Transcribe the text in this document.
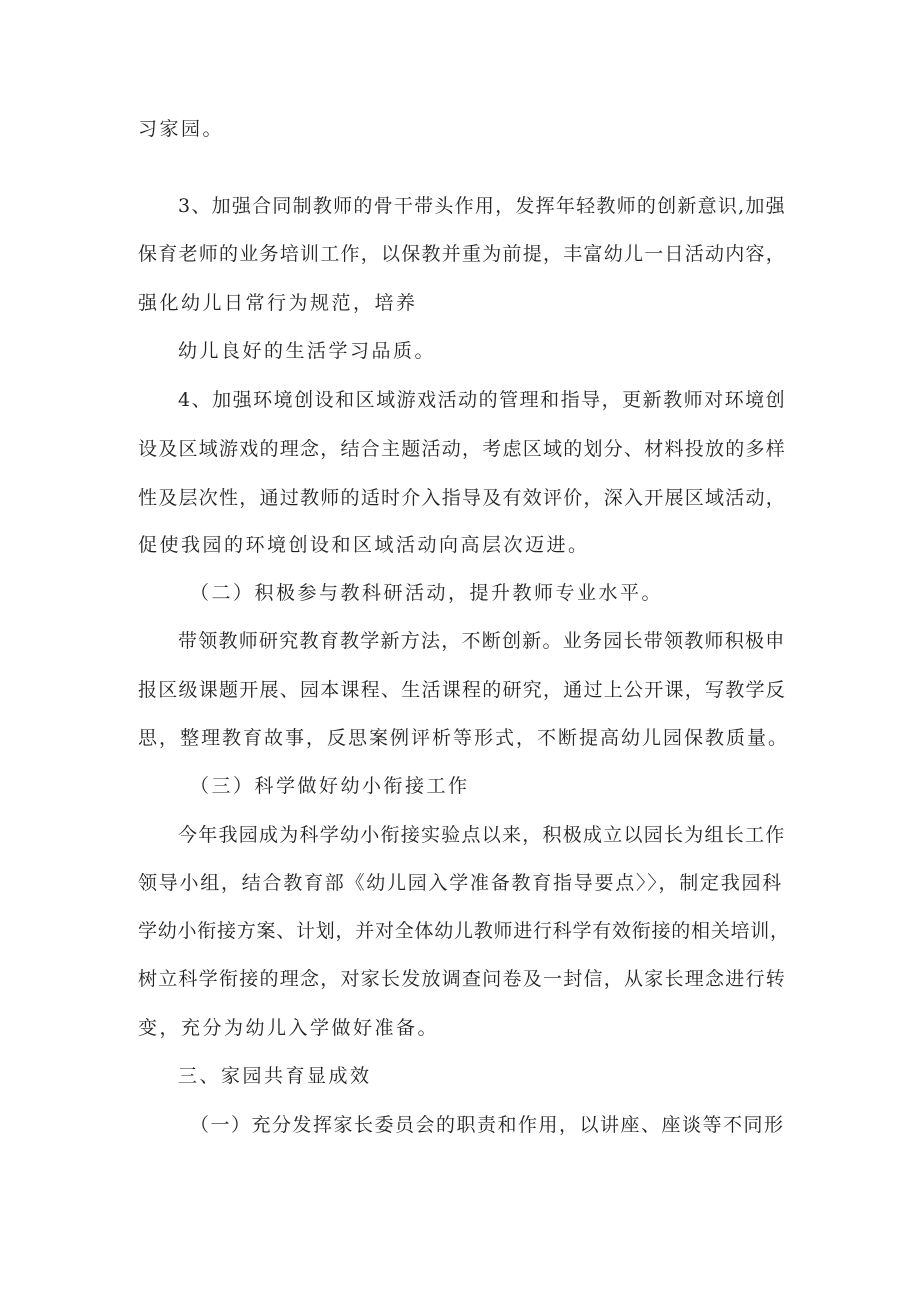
习家园。
3、加强合同制教师的骨干带头作用，发挥年轻教师的创新意识,加强
保育老师的业务培训工作，以保教并重为前提，丰富幼儿一日活动内容，
强化幼儿日常行为规范，培养
幼儿良好的生活学习品质。
4、加强环境创设和区域游戏活动的管理和指导，更新教师对环境创
设及区域游戏的理念，结合主题活动，考虑区域的划分、材料投放的多样
性及层次性，通过教师的适时介入指导及有效评价，深入开展区域活动，
促使我园的环境创设和区域活动向高层次迈进。
（二）积极参与教科研活动，提升教师专业水平。
带领教师研究教育教学新方法，不断创新。业务园长带领教师积极申
报区级课题开展、园本课程、生活课程的研究，通过上公开课，写教学反
思，整理教育故事，反思案例评析等形式，不断提高幼儿园保教质量。
（三）科学做好幼小衔接工作
今年我园成为科学幼小衔接实验点以来，积极成立以园长为组长工作
领导小组，结合教育部《幼儿园入学准备教育指导要点〉〉，制定我园科
学幼小衔接方案、计划，并对全体幼儿教师进行科学有效衔接的相关培训，
树立科学衔接的理念，对家长发放调查问卷及一封信，从家长理念进行转
变，充分为幼儿入学做好准备。
三、家园共育显成效
（一）充分发挥家长委员会的职责和作用，以讲座、座谈等不同形
